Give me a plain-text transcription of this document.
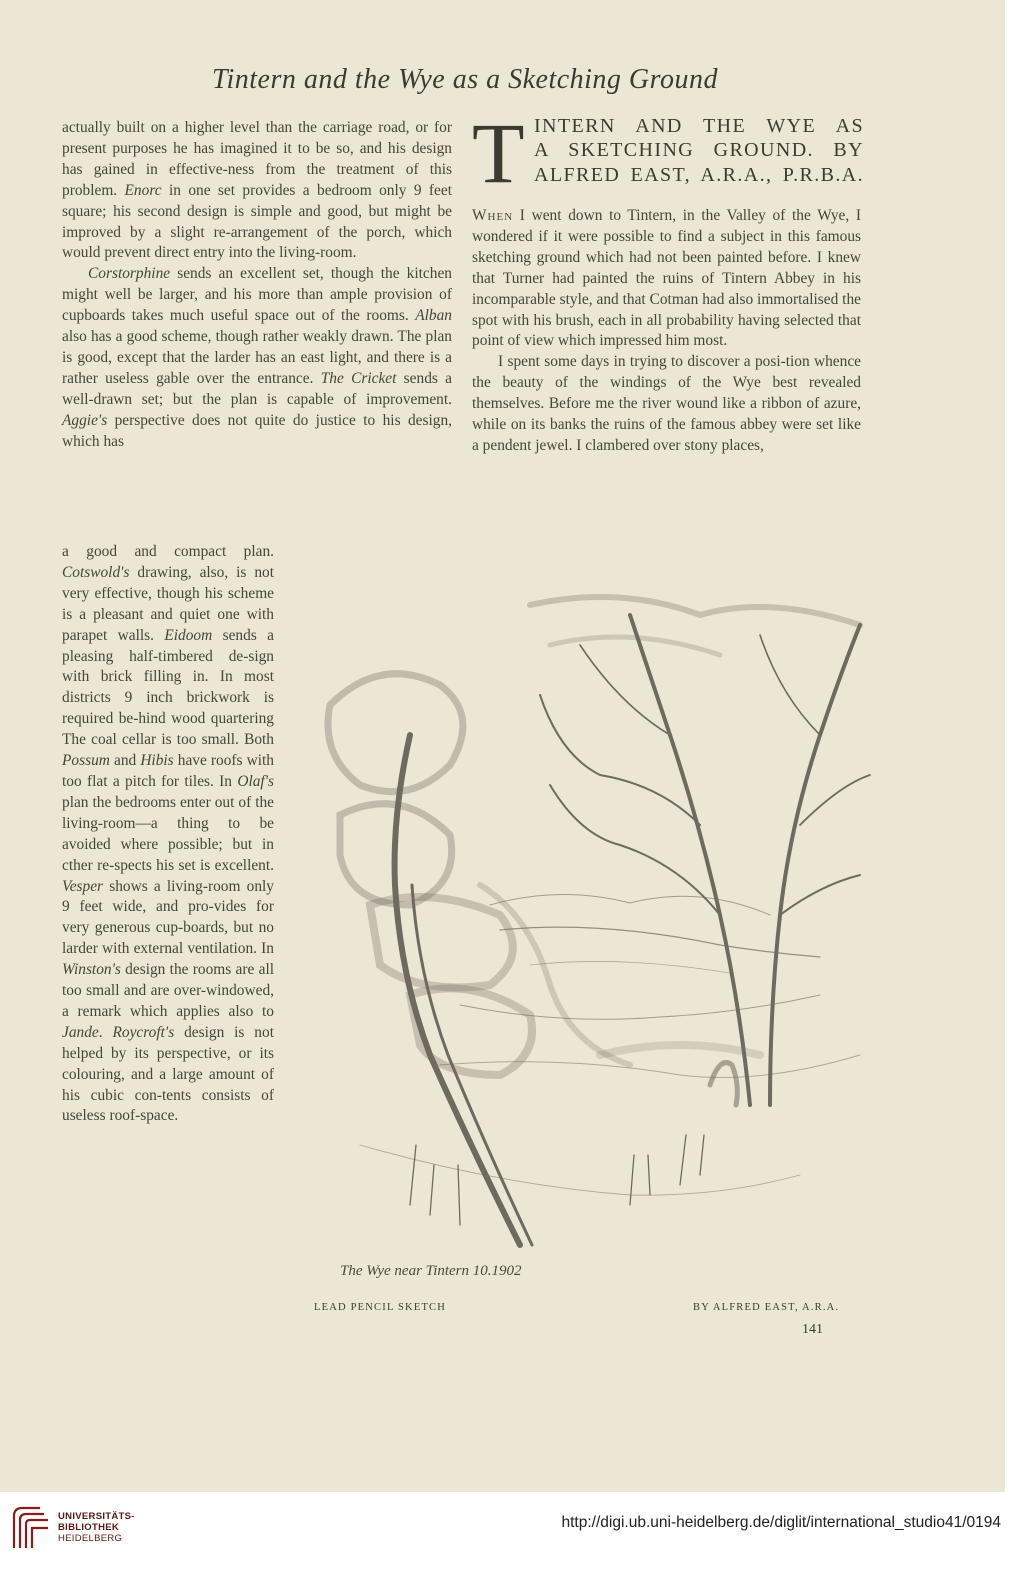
Tintern and the Wye as a Sketching Ground

actually built on a higher level than the carriage road, or for present purposes he has imagined it to be so, and his design has gained in effective-ness from the treatment of this problem. Enorc in one set provides a bedroom only 9 feet square; his second design is simple and good, but might be improved by a slight re-arrangement of the porch, which would prevent direct entry into the living-room.

Corstorphine sends an excellent set, though the kitchen might well be larger, and his more than ample provision of cupboards takes much useful space out of the rooms. Alban also has a good scheme, though rather weakly drawn. The plan is good, except that the larder has an east light, and there is a rather useless gable over the entrance. The Cricket sends a well-drawn set; but the plan is capable of improvement. Aggie's perspective does not quite do justice to his design, which has

a good and compact plan. Cotswold's drawing, also, is not very effective, though his scheme is a pleasant and quiet one with parapet walls. Eidoom sends a pleasing half-timbered de-sign with brick filling in. In most districts 9 inch brickwork is required be-hind wood quartering The coal cellar is too small. Both Possum and Hibis have roofs with too flat a pitch for tiles. In Olaf's plan the bedrooms enter out of the living-room—a thing to be avoided where possible; but in cther re-spects his set is excellent. Vesper shows a living-room only 9 feet wide, and pro-vides for very generous cup-boards, but no larder with external ventilation. In Winston's design the rooms are all too small and are over-windowed, a remark which applies also to Jande. Roycroft's design is not helped by its perspective, or its colouring, and a large amount of his cubic con-tents consists of useless roof-space.

T INTERN AND THE WYE AS
A SKETCHING GROUND. BY
ALFRED EAST, A.R.A., P.R.B.A.

When I went down to Tintern, in the Valley of the Wye, I wondered if it were possible to find a subject in this famous sketching ground which had not been painted before. I knew that Turner had painted the ruins of Tintern Abbey in his incomparable style, and that Cotman had also immortalised the spot with his brush, each in all probability having selected that point of view which impressed him most.

I spent some days in trying to discover a posi-tion whence the beauty of the windings of the Wye best revealed themselves. Before me the river wound like a ribbon of azure, while on its banks the ruins of the famous abbey were set like a pendent jewel. I clambered over stony places,

The Wye near Tintern 10.1902
LEAD PENCIL SKETCH	BY ALFRED EAST, A.R.A.
141
UNIVERSITÄTS-
BIBLIOTHEK
HEIDELBERG
http://digi.ub.uni-heidelberg.de/diglit/international_studio41/0194
